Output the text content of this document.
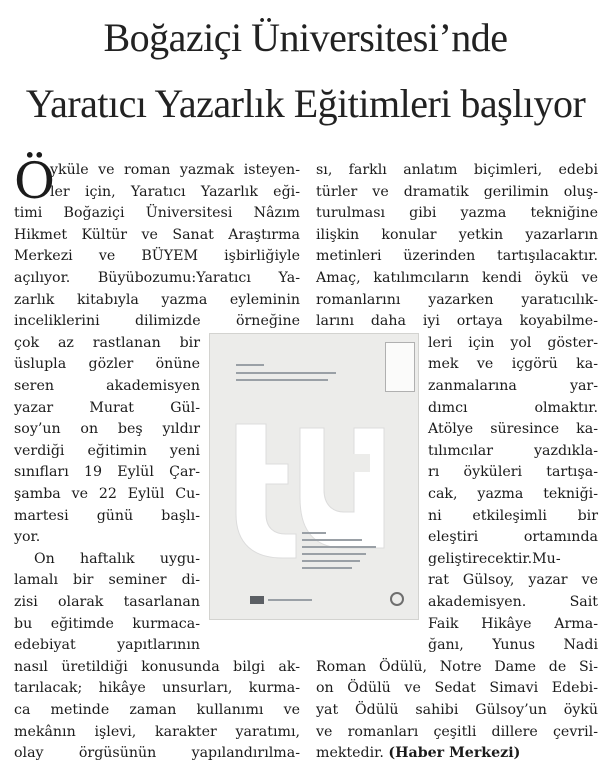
Boğaziçi Üniversitesi’nde
Yaratıcı Yazarlık Eğitimleri başlıyor
Ö
yküle ve roman yazmak isteyen-
ler için, Yaratıcı Yazarlık eği-
timi Boğaziçi Üniversitesi Nâzım
Hikmet Kültür ve Sanat Araştırma
Merkezi ve BÜYEM işbirliğiyle
açılıyor. Büyübozumu:Yaratıcı Ya-
zarlık kitabıyla yazma eyleminin
inceliklerini dilimizde örneğine
çok az rastlanan bir
üslupla gözler önüne
seren akademisyen
yazar Murat Gül-
soy’un on beş yıldır
verdiği eğitimin yeni
sınıfları 19 Eylül Çar-
şamba ve 22 Eylül Cu-
martesi günü başlı-
yor.
On haftalık uygu-
lamalı bir seminer di-
zisi olarak tasarlanan
bu eğitimde kurmaca-
edebiyat yapıtlarının
nasıl üretildiği konusunda bilgi ak-
tarılacak; hikâye unsurları, kurma-
ca metinde zaman kullanımı ve
mekânın işlevi, karakter yaratımı,
olay örgüsünün yapılandırılma-
sı, farklı anlatım biçimleri, edebi
türler ve dramatik gerilimin oluş-
turulması gibi yazma tekniğine
ilişkin konular yetkin yazarların
metinleri üzerinden tartışılacaktır.
Amaç, katılımcıların kendi öykü ve
romanlarını yazarken yaratıcılık-
larını daha iyi ortaya koyabilme-
leri için yol göster-
mek ve içgörü ka-
zanmalarına yar-
dımcı olmaktır.
Atölye süresince ka-
tılımcılar yazdıkla-
rı öyküleri tartışa-
cak, yazma tekniği-
ni etkileşimli bir
eleştiri ortamında
geliştirecektir.Mu-
rat Gülsoy, yazar ve
akademisyen. Sait
Faik Hikâye Arma-
ğanı, Yunus Nadi
Roman Ödülü, Notre Dame de Si-
on Ödülü ve Sedat Simavi Edebi-
yat Ödülü sahibi Gülsoy’un öykü
ve romanları çeşitli dillere çevril-
mektedir. (Haber Merkezi)
